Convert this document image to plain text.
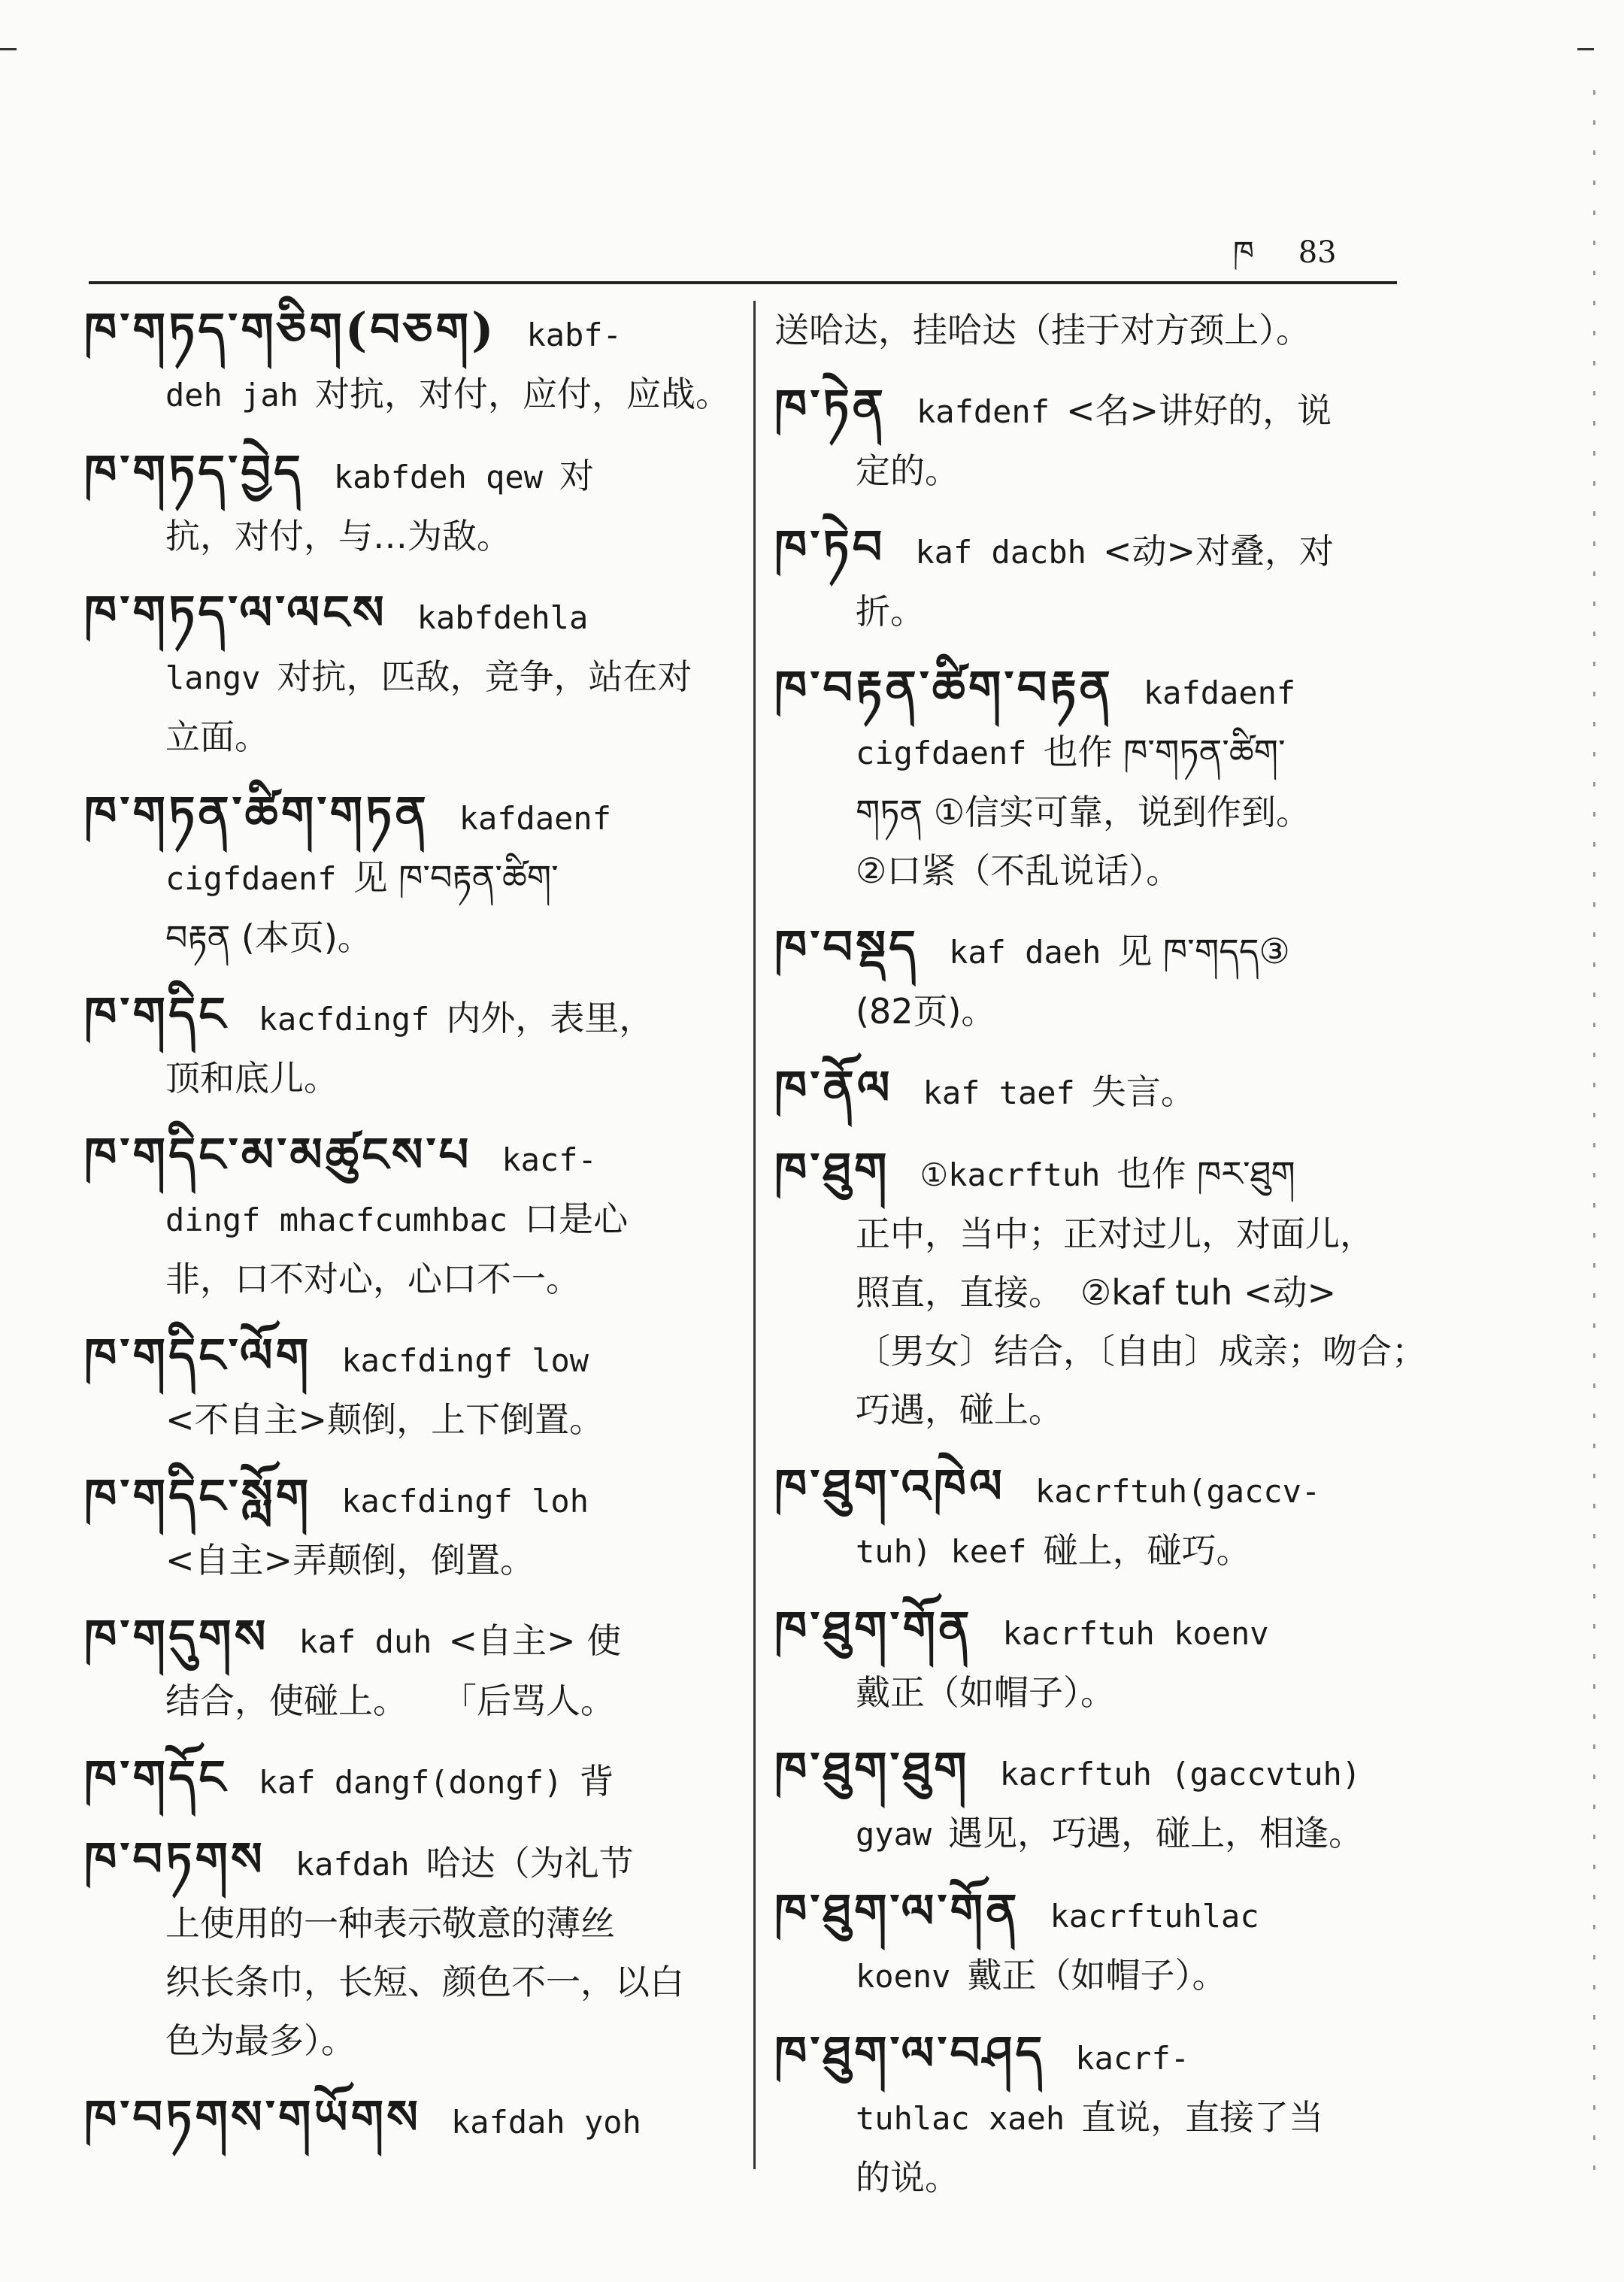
ཁ 83
ཁ་གཏད་གཅིག(བཅག) kabf-
deh jah 对抗，对付，应付，应战。
ཁ་གཏད་བྱེད kabfdeh qew 对
抗，对付，与…为敌。
ཁ་གཏད་ལ་ལངས kabfdehla
langv 对抗，匹敌，竞争，站在对
立面。
ཁ་གཏན་ཚིག་གཏན kafdaenf
cigfdaenf 见 ཁ་བརྟན་ཚིག་
བརྟན (本页)。
ཁ་གདིང kacfdingf 内外，表里，
顶和底儿。
ཁ་གདིང་མ་མཚུངས་པ kacf-
dingf mhacfcumhbac 口是心
非，口不对心，心口不一。
ཁ་གདིང་ལོག kacfdingf low
<不自主>颠倒，上下倒置。
ཁ་གདིང་སློག kacfdingf loh
<自主>弄颠倒，倒置。
ཁ་གདུགས kaf duh <自主> 使
结合，使碰上。　　「后骂人。
ཁ་གདོང kaf dangf(dongf) 背
ཁ་བཏགས kafdah 哈达（为礼节
上使用的一种表示敬意的薄丝
织长条巾，长短、颜色不一，以白
色为最多）。
ཁ་བཏགས་གཡོགས kafdah yoh
送哈达，挂哈达（挂于对方颈上）。
ཁ་ཏེན kafdenf <名>讲好的，说
定的。
ཁ་ཏེབ kaf dacbh <动>对叠，对
折。
ཁ་བརྟན་ཚིག་བརྟན kafdaenf
cigfdaenf 也作 ཁ་གཏན་ཚིག་
གཏན ①信实可靠，说到作到。
②口紧（不乱说话）。
ཁ་བསྡད kaf daeh 见 ཁ་གདད③
(82页)。
ཁ་ནོལ kaf taef 失言。
ཁ་ཐུག ①kacrftuh 也作 ཁར་ཐུག
正中，当中；正对过儿，对面儿，
照直，直接。　②kaf tuh <动>
〔男女〕结合，〔自由〕成亲；吻合；
巧遇，碰上。
ཁ་ཐུག་འཁེལ kacrftuh(gaccv-
tuh) keef 碰上，碰巧。
ཁ་ཐུག་གོན kacrftuh koenv
戴正（如帽子）。
ཁ་ཐུག་ཐུག kacrftuh (gaccvtuh)
gyaw 遇见，巧遇，碰上，相逢。
ཁ་ཐུག་ལ་གོན kacrftuhlac
koenv 戴正（如帽子）。
ཁ་ཐུག་ལ་བཤད kacrf-
tuhlac xaeh 直说，直接了当
的说。
